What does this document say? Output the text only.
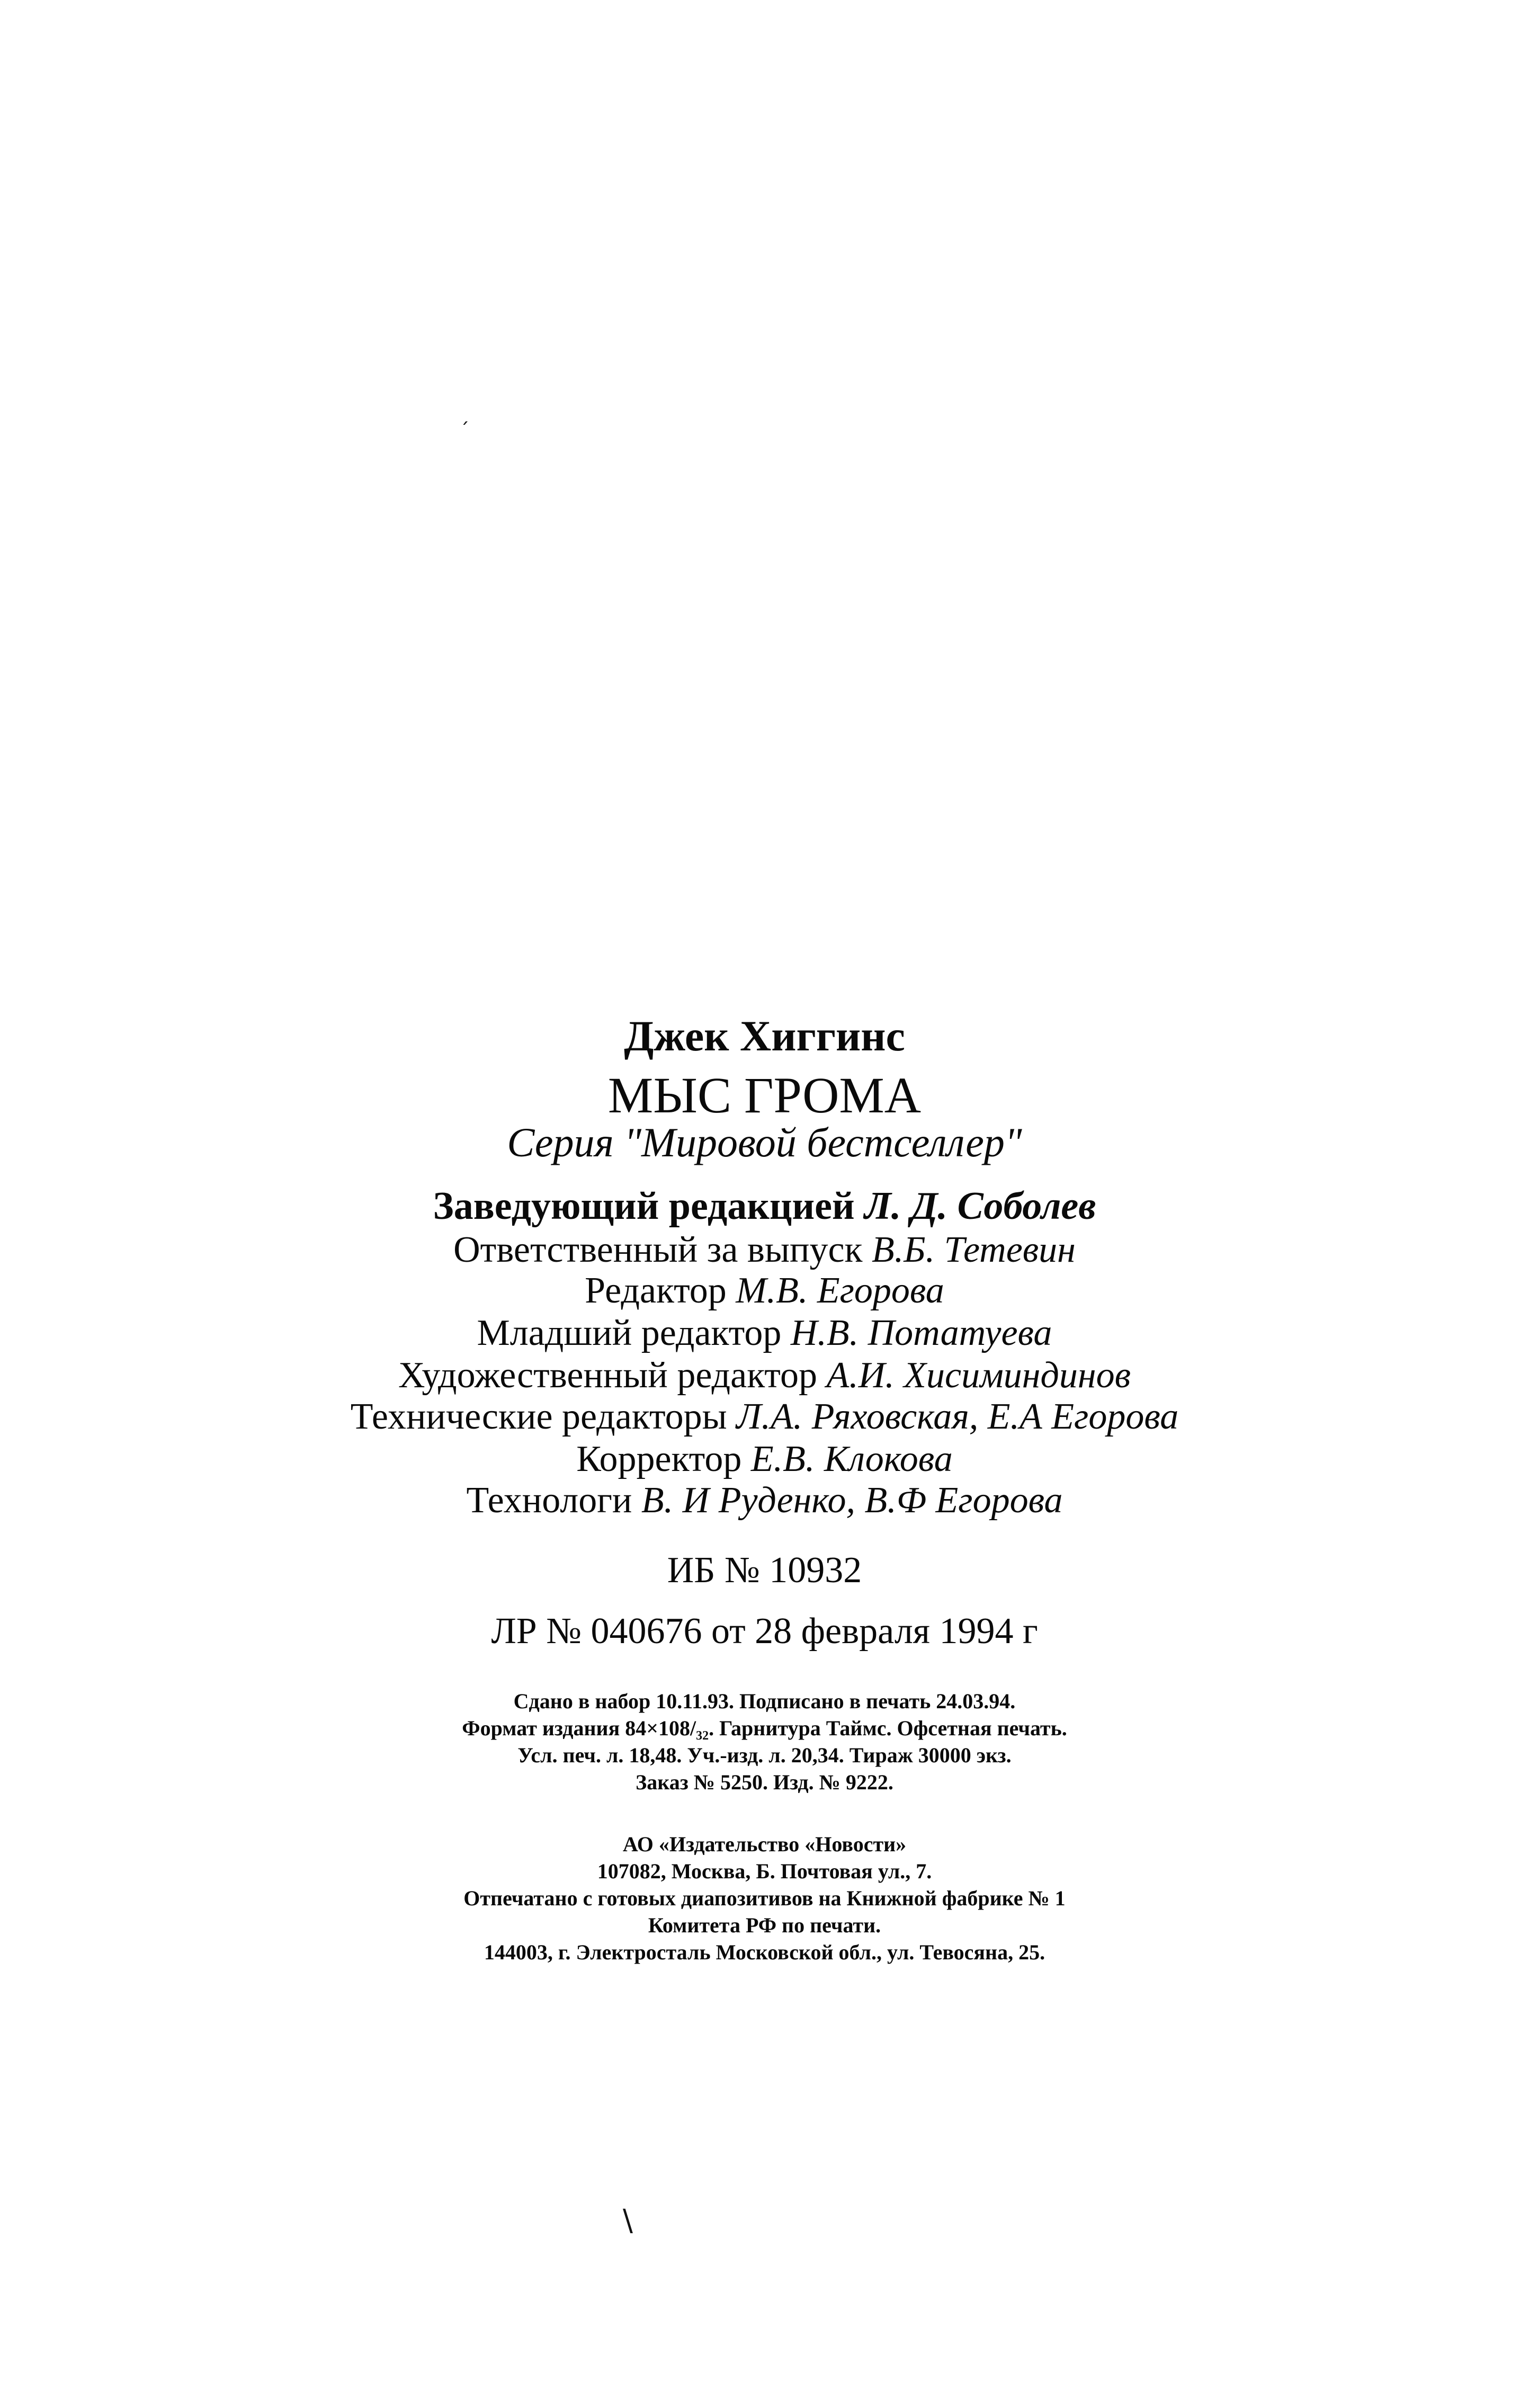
ˊ
Джек Хиггинс
МЫС ГРОМА
Серия "Мировой бестселлер"
Заведующий редакцией Л. Д. Соболев
Ответственный за выпуск В.Б. Тетевин
Редактор М.В. Егорова
Младший редактор Н.В. Потатуева
Художественный редактор А.И. Хисиминдинов
Технические редакторы Л.А. Ряховская, Е.А Егорова
Корректор Е.В. Клокова
Технологи В. И Руденко, В.Ф Егорова
ИБ № 10932
ЛР № 040676 от 28 февраля 1994 г
Сдано в набор 10.11.93. Подписано в печать 24.03.94.
Формат издания 84×108/₃₂. Гарнитура Таймс. Офсетная печать.
Усл. печ. л. 18,48. Уч.-изд. л. 20,34. Тираж 30000 экз.
Заказ № 5250. Изд. № 9222.
АО «Издательство «Новости»
107082, Москва, Б. Почтовая ул., 7.
Отпечатано с готовых диапозитивов на Книжной фабрике № 1
Комитета РФ по печати.
144003, г. Электросталь Московской обл., ул. Тевосяна, 25.
\
